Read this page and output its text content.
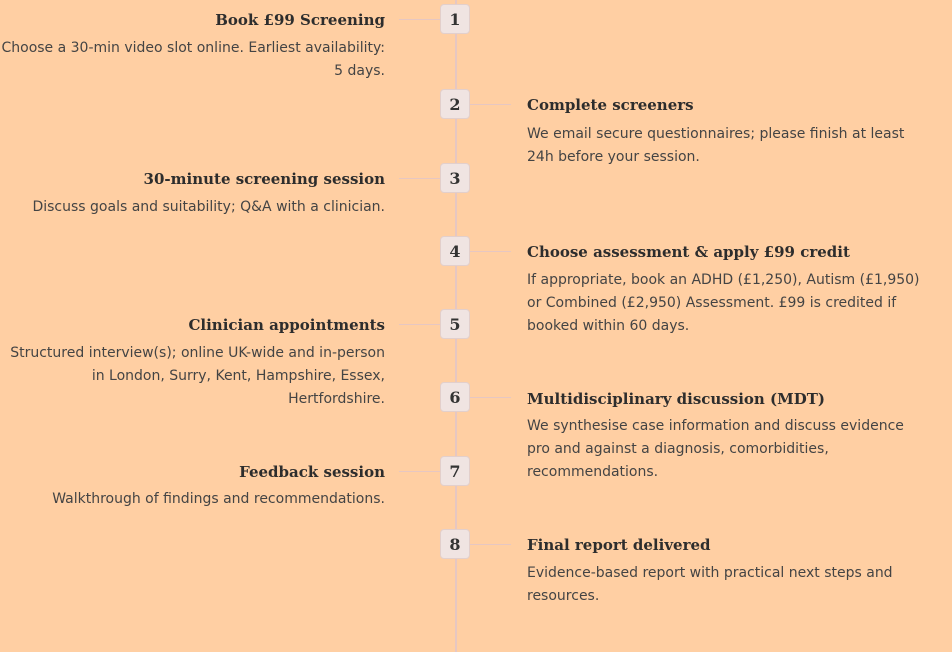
Book £99 Screening	1
Choose a 30-min video slot online. Earliest availability: 5 days.
2	Complete screeners
We email secure questionnaires; please finish at least 24h before your session.
30-minute screening session	3
Discuss goals and suitability; Q&A with a clinician.
4	Choose assessment & apply £99 credit
If appropriate, book an ADHD (£1,250), Autism (£1,950) or Combined (£2,950) Assessment. £99 is credited if booked within 60 days.
Clinician appointments	5
Structured interview(s); online UK-wide and in-person in London, Surry, Kent, Hampshire, Essex, Hertfordshire.	6	Multidisciplinary discussion (MDT)
We synthesise case information and discuss evidence pro and against a diagnosis, comorbidities, recommendations.
Feedback session	7
Walkthrough of findings and recommendations.
8	Final report delivered
Evidence-based report with practical next steps and resources.
